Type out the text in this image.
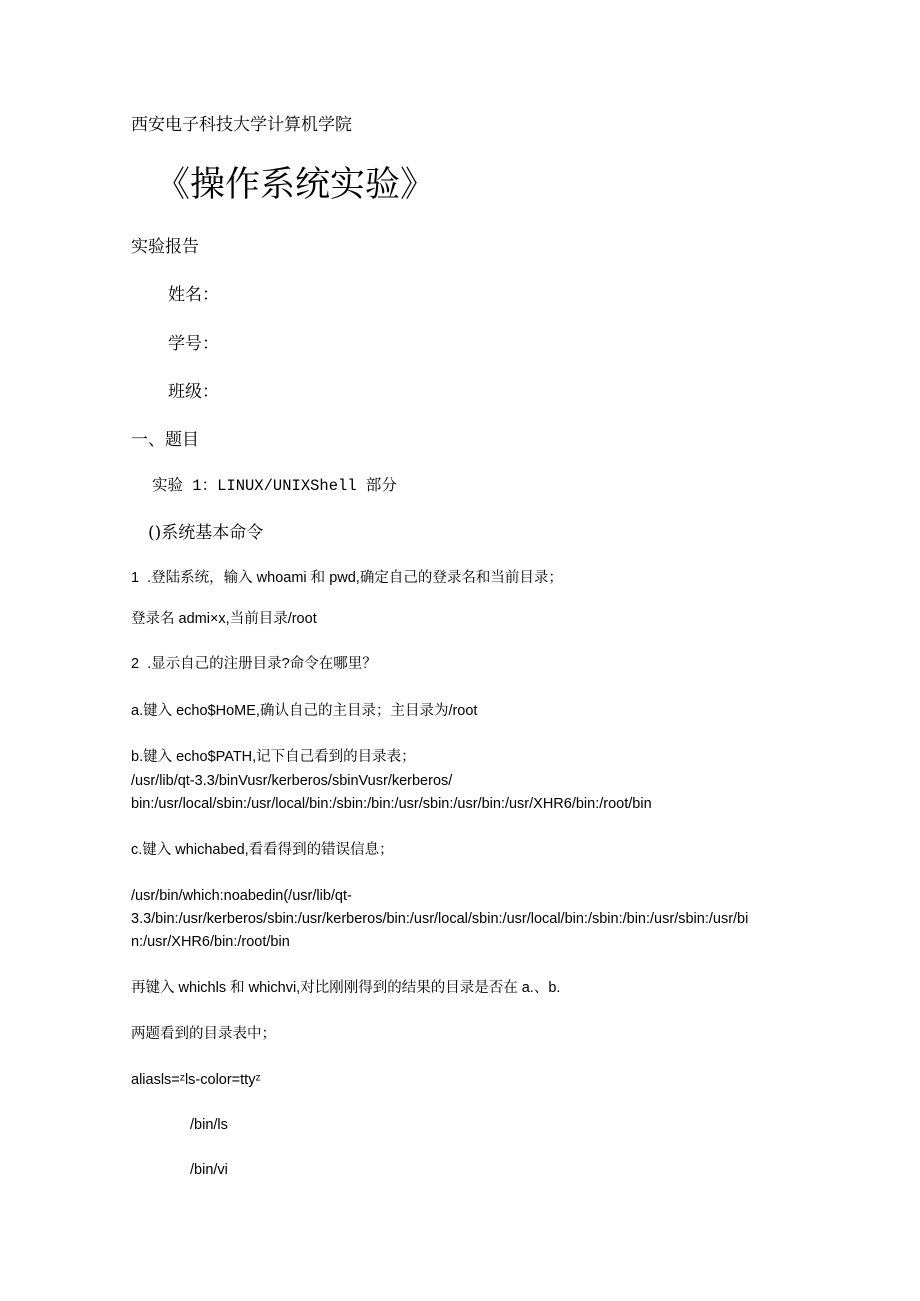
西安电子科技大学计算机学院
《操作系统实验》
实验报告
姓名：
学号：
班级：
一、题目
实验 1：LINUX/UNIXShell 部分
()系统基本命令
1  .登陆系统，输入 whoami 和 pwd,确定自己的登录名和当前目录；
登录名 admi×x,当前目录/root
2  .显示自己的注册目录?命令在哪里？
a.键入 echo$HoME,确认自己的主目录；主目录为/root
b.键入 echo$PATH,记下自己看到的目录表；
/usr/lib/qt-3.3/binVusr/kerberos/sbinVusr/kerberos/
bin:/usr/local/sbin:/usr/local/bin:/sbin:/bin:/usr/sbin:/usr/bin:/usr/XHR6/bin:/root/bin
c.键入 whichabed,看看得到的错误信息；
/usr/bin/which:noabedin(/usr/lib/qt-
3.3/bin:/usr/kerberos/sbin:/usr/kerberos/bin:/usr/local/sbin:/usr/local/bin:/sbin:/bin:/usr/sbin:/usr/bi
n:/usr/XHR6/bin:/root/bin
再键入 whichls 和 whichvi,对比刚刚得到的结果的目录是否在 a.、b.
两题看到的目录表中；
aliasls=ᶻls-color=ttyᶻ
/bin/ls
/bin/vi
